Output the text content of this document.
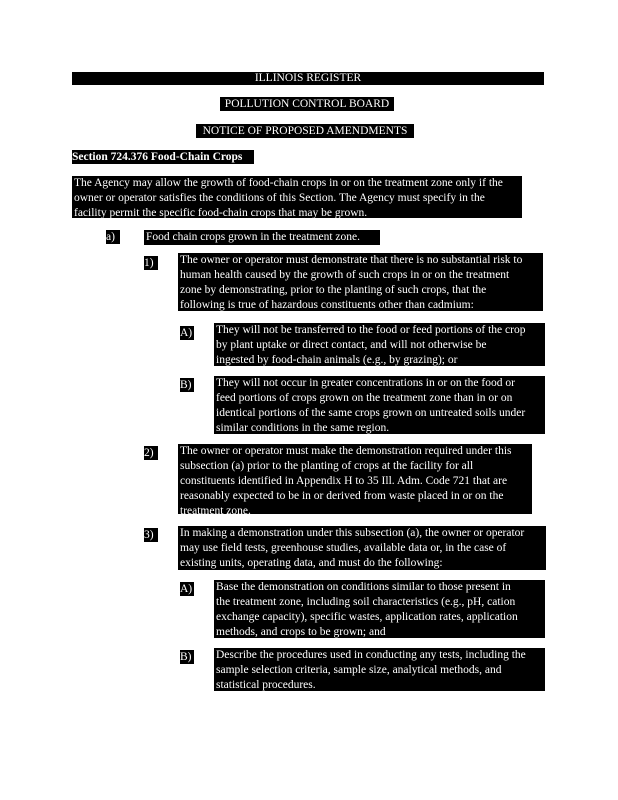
ILLINOIS REGISTER
POLLUTION CONTROL BOARD
NOTICE OF PROPOSED AMENDMENTS
Section 724.376 Food-Chain Crops
The Agency may allow the growth of food-chain crops in or on the treatment zone only if the
owner or operator satisfies the conditions of this Section. The Agency must specify in the
facility permit the specific food-chain crops that may be grown.
a)	Food chain crops grown in the treatment zone.
1)	The owner or operator must demonstrate that there is no substantial risk to
human health caused by the growth of such crops in or on the treatment
zone by demonstrating, prior to the planting of such crops, that the
following is true of hazardous constituents other than cadmium:
A) They will not be transferred to the food or feed portions of the crop
by plant uptake or direct contact, and will not otherwise be
ingested by food-chain animals (e.g., by grazing); or
B) They will not occur in greater concentrations in or on the food or
feed portions of crops grown on the treatment zone than in or on
identical portions of the same crops grown on untreated soils under
similar conditions in the same region.
2)	The owner or operator must make the demonstration required under this
subsection (a) prior to the planting of crops at the facility for all
constituents identified in Appendix H to 35 Ill. Adm. Code 721 that are
reasonably expected to be in or derived from waste placed in or on the
treatment zone.
3)	In making a demonstration under this subsection (a), the owner or operator
may use field tests, greenhouse studies, available data or, in the case of
existing units, operating data, and must do the following:
A) Base the demonstration on conditions similar to those present in
the treatment zone, including soil characteristics (e.g., pH, cation
exchange capacity), specific wastes, application rates, application
methods, and crops to be grown; and
B) Describe the procedures used in conducting any tests, including the
sample selection criteria, sample size, analytical methods, and
statistical procedures.
